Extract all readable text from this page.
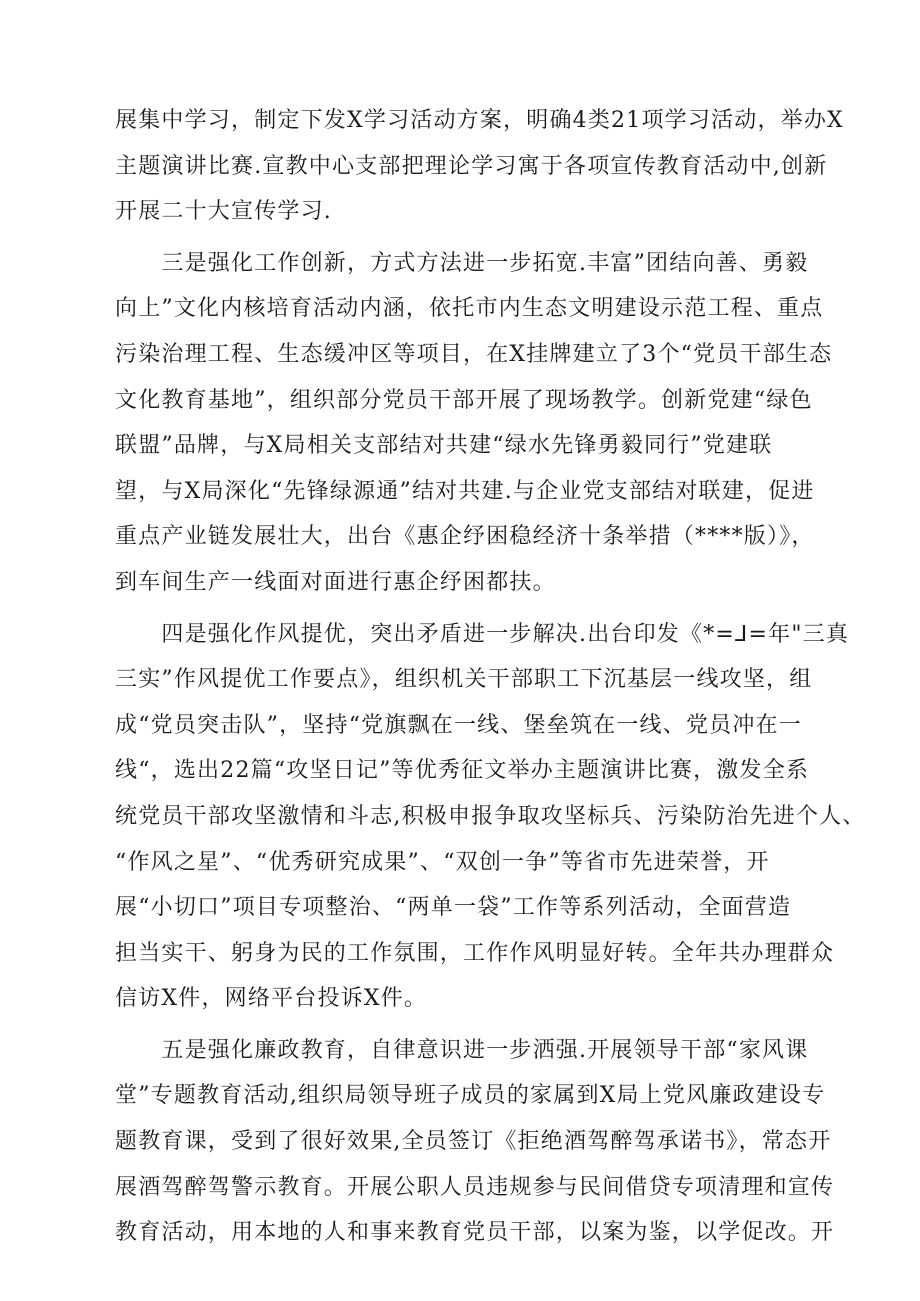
展集中学习，制定下发X学习活动方案，明确4类21项学习活动，举办X
主题演讲比赛.宣教中心支部把理论学习寓于各项宣传教育活动中,创新
开展二十大宣传学习.
　　三是强化工作创新，方式方法进一步拓宽.丰富”团结向善、勇毅
向上”文化内核培育活动内涵，依托市内生态文明建设示范工程、重点
污染治理工程、生态缓冲区等项目，在X挂牌建立了3个“党员干部生态
文化教育基地”，组织部分党员干部开展了现场教学。创新党建“绿色
联盟”品牌，与X局相关支部结对共建“绿水先锋勇毅同行”党建联
望，与X局深化“先锋绿源通”结对共建.与企业党支部结对联建，促进
重点产业链发展壮大，出台《惠企纾困稳经济十条举措（****版）》，
到车间生产一线面对面进行惠企纾困都扶。
　　四是强化作风提优，突出矛盾进一步解决.出台印发《*=⅃=年"三真
三实”作风提优工作要点》，组织机关干部职工下沉基层一线攻坚，组
成“党员突击队”，坚持“党旗飘在一线、堡垒筑在一线、党员冲在一
线“，选出22篇“攻坚日记”等优秀征文举办主题演讲比赛，激发全系
统党员干部攻坚激情和斗志,积极申报争取攻坚标兵、污染防治先进个人、
“作风之星”、“优秀研究成果”、“双创一争”等省市先进荣誉，开
展“小切口”项目专项整治、“两单一袋”工作等系列活动，全面营造
担当实干、躬身为民的工作氛围，工作作风明显好转。全年共办理群众
信访X件，网络平台投诉X件。
　　五是强化廉政教育，自律意识进一步洒强.开展领导干部“家风课
堂”专题教育活动,组织局领导班子成员的家属到X局上党风廉政建设专
题教育课，受到了很好效果,全员签订《拒绝酒驾醉驾承诺书》，常态开
展酒驾醉驾警示教育。开展公职人员违规参与民间借贷专项清理和宣传
教育活动，用本地的人和事来教育党员干部，以案为鉴，以学促改。开
